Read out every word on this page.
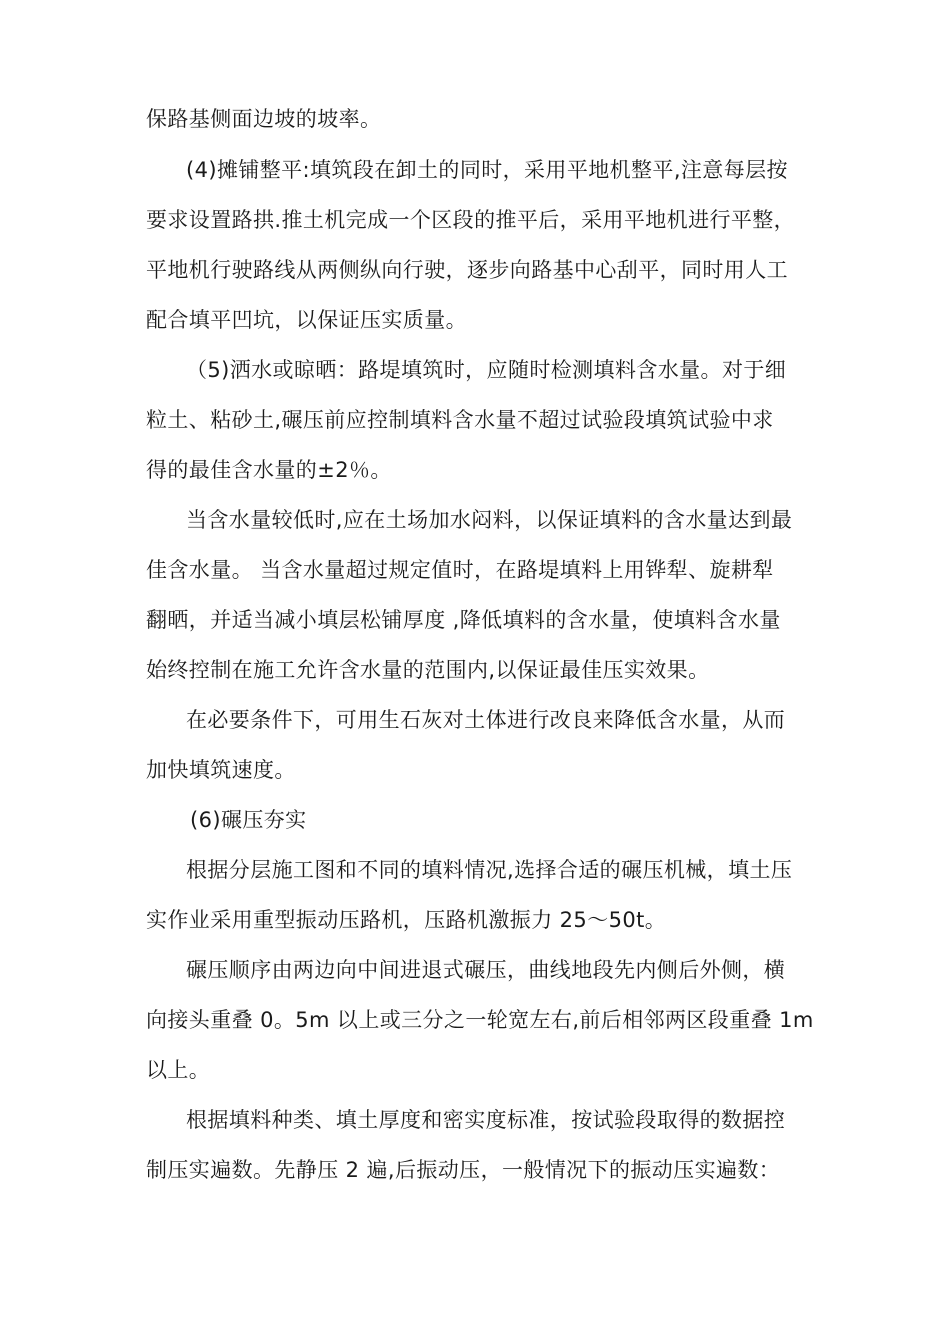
保路基侧面边坡的坡率。
(4)摊铺整平:填筑段在卸土的同时，采用平地机整平,注意每层按
要求设置路拱.推土机完成一个区段的推平后，采用平地机进行平整，
平地机行驶路线从两侧纵向行驶，逐步向路基中心刮平，同时用人工
配合填平凹坑，以保证压实质量。
（5)洒水或晾晒：路堤填筑时，应随时检测填料含水量。对于细
粒土、粘砂土,碾压前应控制填料含水量不超过试验段填筑试验中求
得的最佳含水量的±2％。
当含水量较低时,应在土场加水闷料，以保证填料的含水量达到最
佳含水量。 当含水量超过规定值时，在路堤填料上用铧犁、旋耕犁
翻晒，并适当减小填层松铺厚度 ,降低填料的含水量，使填料含水量
始终控制在施工允许含水量的范围内,以保证最佳压实效果。
在必要条件下，可用生石灰对土体进行改良来降低含水量，从而
加快填筑速度。
(6)碾压夯实
根据分层施工图和不同的填料情况,选择合适的碾压机械，填土压
实作业采用重型振动压路机，压路机激振力 25～50t。
碾压顺序由两边向中间进退式碾压，曲线地段先内侧后外侧，横
向接头重叠 0。5m 以上或三分之一轮宽左右,前后相邻两区段重叠 1m
以上。
根据填料种类、填土厚度和密实度标准，按试验段取得的数据控
制压实遍数。先静压 2 遍,后振动压，一般情况下的振动压实遍数：
